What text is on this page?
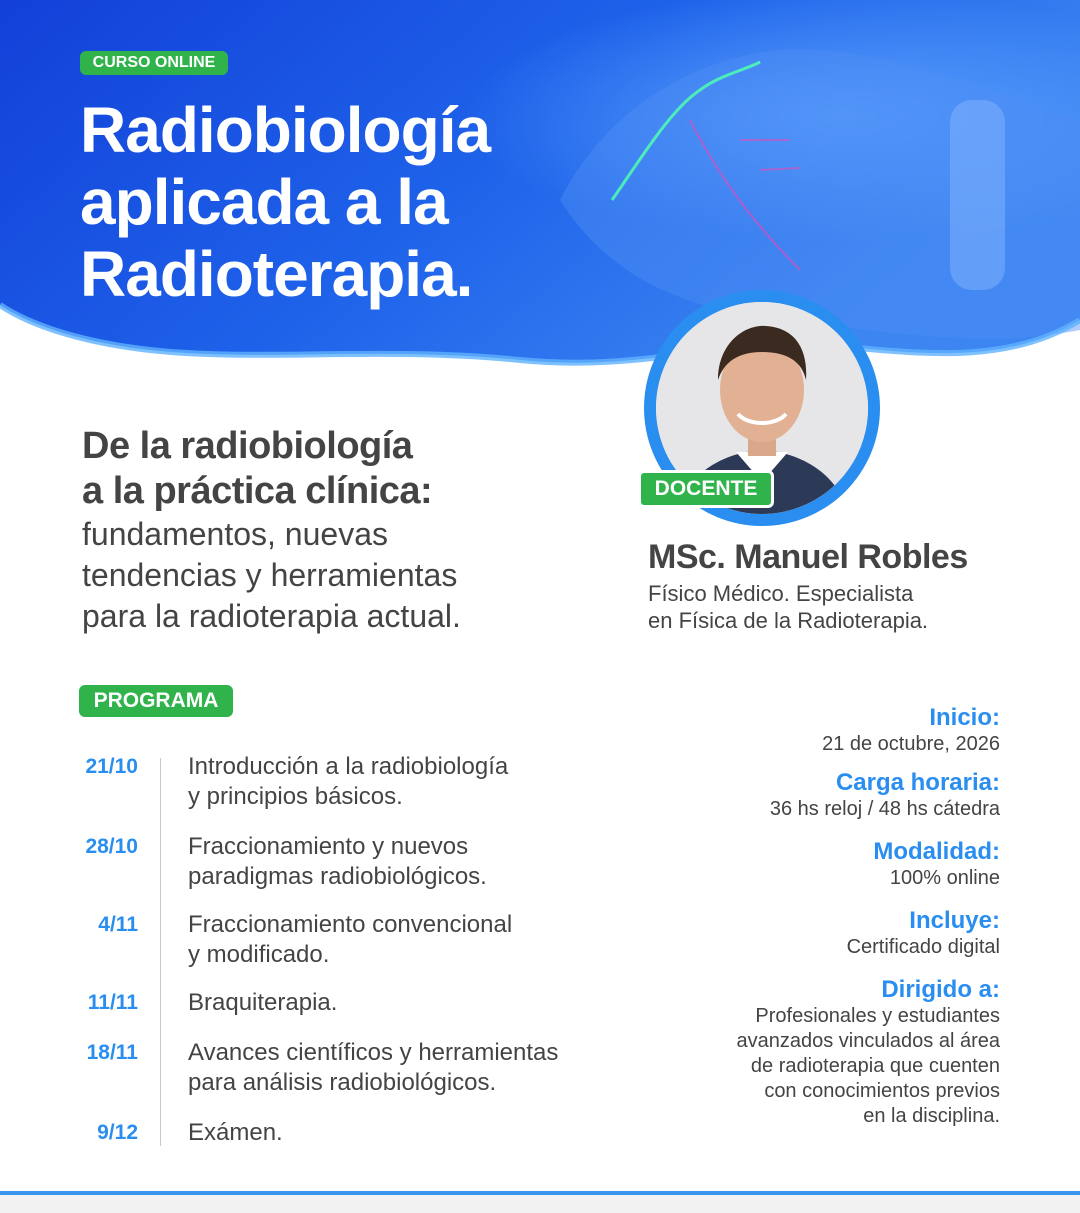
CURSO ONLINE
Radiobiología
aplicada a la
Radioterapia.
De la radiobiología
a la práctica clínica:
fundamentos, nuevas
tendencias y herramientas
para la radioterapia actual.
DOCENTE
MSc. Manuel Robles
Físico Médico. Especialista
en Física de la Radioterapia.
PROGRAMA
21/10 Introducción a la radiobiología
y principios básicos.
28/10 Fraccionamiento y nuevos
paradigmas radiobiológicos.
4/11 Fraccionamiento convencional
y modificado.
11/11 Braquiterapia.
18/11 Avances científicos y herramientas
para análisis radiobiológicos.
9/12 Exámen.
Inicio:
21 de octubre, 2026
Carga horaria:
36 hs reloj / 48 hs cátedra
Modalidad:
100% online
Incluye:
Certificado digital
Dirigido a:
Profesionales y estudiantes
avanzados vinculados al área
de radioterapia que cuenten
con conocimientos previos
en la disciplina.
